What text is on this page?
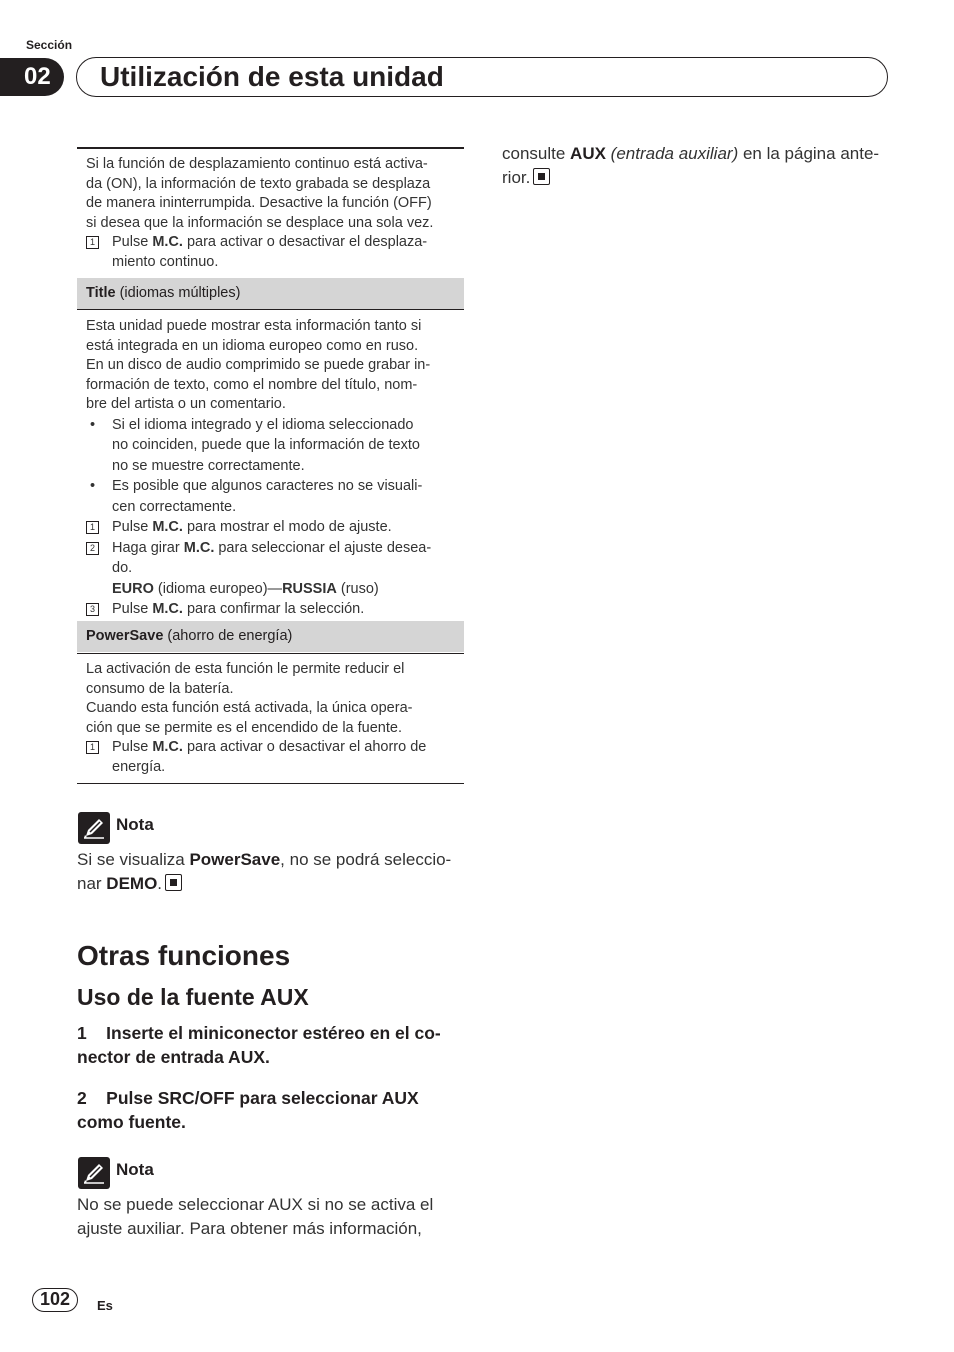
Sección
02	Utilización de esta unidad

Si la función de desplazamiento continuo está activa-

da (ON), la información de texto grabada se desplaza

de manera ininterrumpida. Desactive la función (OFF)

si desea que la información se desplace una sola vez.

1 Pulse M.C. para activar o desactivar el desplaza-

miento continuo.

Title (idiomas múltiples)

Esta unidad puede mostrar esta información tanto si

está integrada en un idioma europeo como en ruso.

En un disco de audio comprimido se puede grabar in-

formación de texto, como el nombre del título, nom-

bre del artista o un comentario.

• Si el idioma integrado y el idioma seleccionado

no coinciden, puede que la información de texto

no se muestre correctamente.

• Es posible que algunos caracteres no se visuali-

cen correctamente.

1 Pulse M.C. para mostrar el modo de ajuste.

2 Haga girar M.C. para seleccionar el ajuste desea-

do.

EURO (idioma europeo)—RUSSIA (ruso)

3 Pulse M.C. para confirmar la selección.

PowerSave (ahorro de energía)

La activación de esta función le permite reducir el

consumo de la batería.

Cuando esta función está activada, la única opera-

ción que se permite es el encendido de la fuente.

1 Pulse M.C. para activar o desactivar el ahorro de

energía.

Nota
Si se visualiza PowerSave, no se podrá seleccio-
nar DEMO.
Otras funciones
Uso de la fuente AUX
1    Inserte el miniconector estéreo en el co-
nector de entrada AUX.
2    Pulse SRC/OFF para seleccionar AUX
como fuente.
Nota
No se puede seleccionar AUX si no se activa el
ajuste auxiliar. Para obtener más información,
consulte AUX (entrada auxiliar) en la página ante-
rior.
102	Es
